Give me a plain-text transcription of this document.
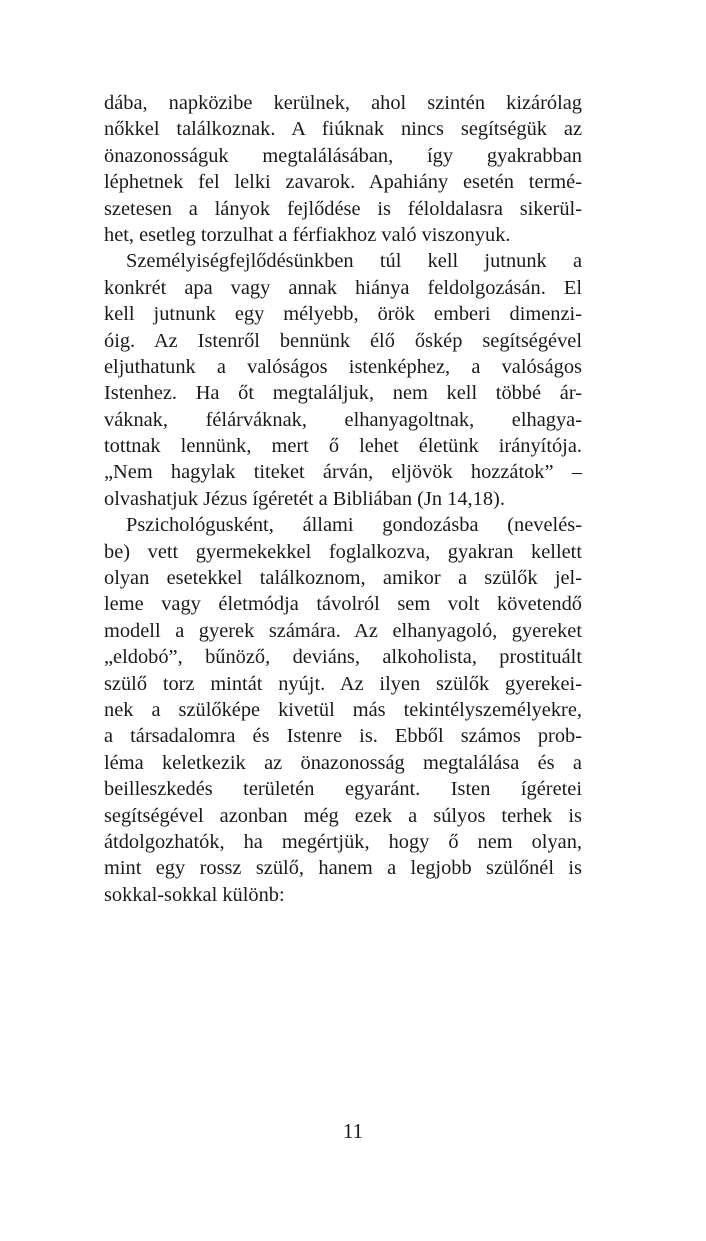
dába, napközibe kerülnek, ahol szintén kizárólag
nőkkel találkoznak. A fiúknak nincs segítségük az
önazonosságuk megtalálásában, így gyakrabban
léphetnek fel lelki zavarok. Apahiány esetén termé-
szetesen a lányok fejlődése is féloldalasra sikerül-
het, esetleg torzulhat a férfiakhoz való viszonyuk.
Személyiségfejlődésünkben túl kell jutnunk a
konkrét apa vagy annak hiánya feldolgozásán. El
kell jutnunk egy mélyebb, örök emberi dimenzi-
óig. Az Istenről bennünk élő őskép segítségével
eljuthatunk a valóságos istenképhez, a valóságos
Istenhez. Ha őt megtaláljuk, nem kell többé ár-
váknak, félárváknak, elhanyagoltnak, elhagya-
tottnak lennünk, mert ő lehet életünk irányítója.
„Nem hagylak titeket árván, eljövök hozzátok” –
olvashatjuk Jézus ígéretét a Bibliában (Jn 14,18).
Pszichológusként, állami gondozásba (nevelés-
be) vett gyermekekkel foglalkozva, gyakran kellett
olyan esetekkel találkoznom, amikor a szülők jel-
leme vagy életmódja távolról sem volt követendő
modell a gyerek számára. Az elhanyagoló, gyereket
„eldobó”, bűnöző, deviáns, alkoholista, prostituált
szülő torz mintát nyújt. Az ilyen szülők gyerekei-
nek a szülőképe kivetül más tekintélyszemélyekre,
a társadalomra és Istenre is. Ebből számos prob-
léma keletkezik az önazonosság megtalálása és a
beilleszkedés területén egyaránt. Isten ígéretei
segítségével azonban még ezek a súlyos terhek is
átdolgozhatók, ha megértjük, hogy ő nem olyan,
mint egy rossz szülő, hanem a legjobb szülőnél is
sokkal-sokkal különb:
11
